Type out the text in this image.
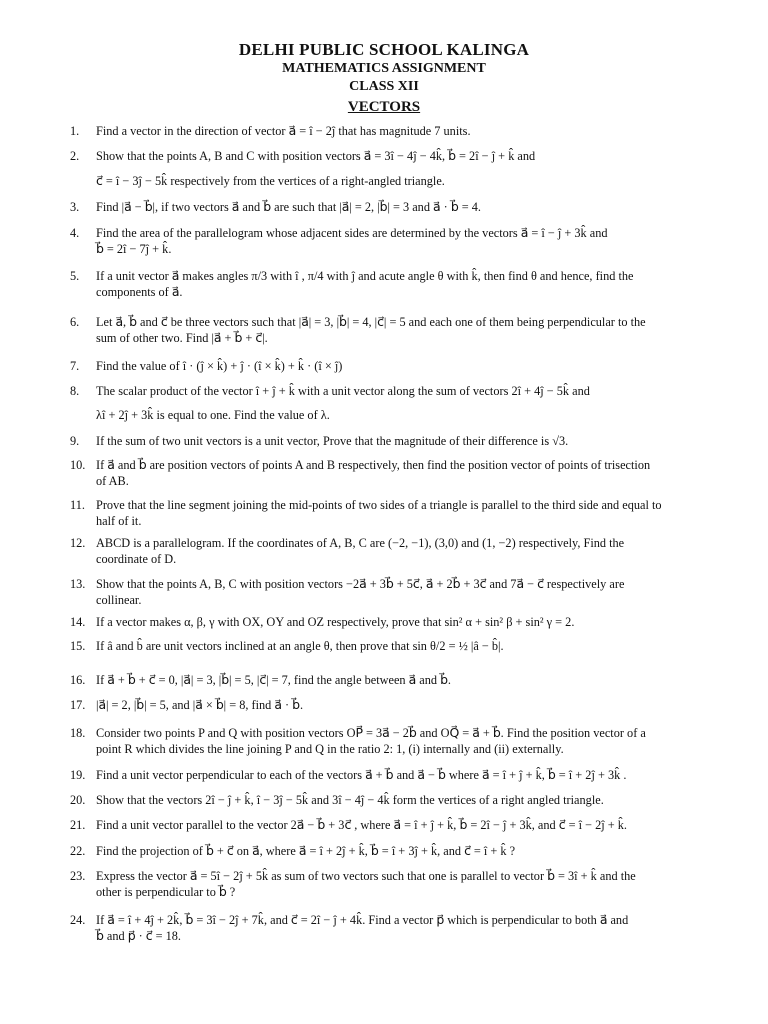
DELHI PUBLIC SCHOOL KALINGA
MATHEMATICS ASSIGNMENT
CLASS XII
VECTORS
1.	Find a vector in the direction of vector a⃗ = î − 2ĵ that has magnitude 7 units.
2.	Show that the points A, B and C with position vectors a⃗ = 3î − 4ĵ − 4k̂, b⃗ = 2î − ĵ + k̂ and
c⃗ = î − 3ĵ − 5k̂ respectively from the vertices of a right-angled triangle.
3.	Find |a⃗ − b⃗|, if two vectors a⃗ and b⃗ are such that |a⃗| = 2, |b⃗| = 3 and a⃗ · b⃗ = 4.
4.	Find the area of the parallelogram whose adjacent sides are determined by the vectors a⃗ = î − ĵ + 3k̂ and
b⃗ = 2î − 7ĵ + k̂.
5.	If a unit vector a⃗ makes angles π/3 with î , π/4 with ĵ and acute angle θ with k̂, then find θ and hence, find the
components of a⃗.
6.	Let a⃗, b⃗ and c⃗ be three vectors such that |a⃗| = 3, |b⃗| = 4, |c⃗| = 5 and each one of them being perpendicular to the
sum of other two. Find |a⃗ + b⃗ + c⃗|.
7.	Find the value of î · (ĵ × k̂) + ĵ · (î × k̂) + k̂ · (î × ĵ)
8.	The scalar product of the vector î + ĵ + k̂ with a unit vector along the sum of vectors 2î + 4ĵ − 5k̂ and
λî + 2ĵ + 3k̂ is equal to one. Find the value of λ.
9.	If the sum of two unit vectors is a unit vector, Prove that the magnitude of their difference is √3.
10. If a⃗ and b⃗ are position vectors of points A and B respectively, then find the position vector of points of trisection
of AB.
11. Prove that the line segment joining the mid-points of two sides of a triangle is parallel to the third side and equal to
half of it.
12. ABCD is a parallelogram. If the coordinates of A, B, C are (−2, −1), (3,0) and (1, −2) respectively, Find the
coordinate of D.
13. Show that the points A, B, C with position vectors −2a⃗ + 3b⃗ + 5c⃗, a⃗ + 2b⃗ + 3c⃗ and 7a⃗ − c⃗ respectively are
collinear.
14. If a vector makes α, β, γ with OX, OY and OZ respectively, prove that sin² α + sin² β + sin² γ = 2.
15. If â and b̂ are unit vectors inclined at an angle θ, then prove that sin θ/2 = ½ |â − b̂|.
16. If a⃗ + b⃗ + c⃗ = 0, |a⃗| = 3, |b⃗| = 5, |c⃗| = 7, find the angle between a⃗ and b⃗.
17. |a⃗| = 2, |b⃗| = 5, and |a⃗ × b⃗| = 8, find a⃗ · b⃗.
18. Consider two points P and Q with position vectors OP⃗ = 3a⃗ − 2b⃗ and OQ⃗ = a⃗ + b⃗. Find the position vector of a
point R which divides the line joining P and Q in the ratio 2: 1, (i) internally and (ii) externally.
19. Find a unit vector perpendicular to each of the vectors a⃗ + b⃗ and a⃗ − b⃗ where a⃗ = î + ĵ + k̂, b⃗ = î + 2ĵ + 3k̂ .
20. Show that the vectors 2î − ĵ + k̂, î − 3ĵ − 5k̂ and 3î − 4ĵ − 4k̂ form the vertices of a right angled triangle.
21. Find a unit vector parallel to the vector 2a⃗ − b⃗ + 3c⃗ , where a⃗ = î + ĵ + k̂, b⃗ = 2î − ĵ + 3k̂, and c⃗ = î − 2ĵ + k̂.
22. Find the projection of b⃗ + c⃗ on a⃗, where a⃗ = î + 2ĵ + k̂, b⃗ = î + 3ĵ + k̂, and c⃗ = î + k̂ ?
23. Express the vector a⃗ = 5î − 2ĵ + 5k̂ as sum of two vectors such that one is parallel to vector b⃗ = 3î + k̂ and the
other is perpendicular to b⃗ ?
24. If a⃗ = î + 4ĵ + 2k̂, b⃗ = 3î − 2ĵ + 7k̂, and c⃗ = 2î − ĵ + 4k̂. Find a vector p⃗ which is perpendicular to both a⃗ and
b⃗ and p⃗ · c⃗ = 18.
